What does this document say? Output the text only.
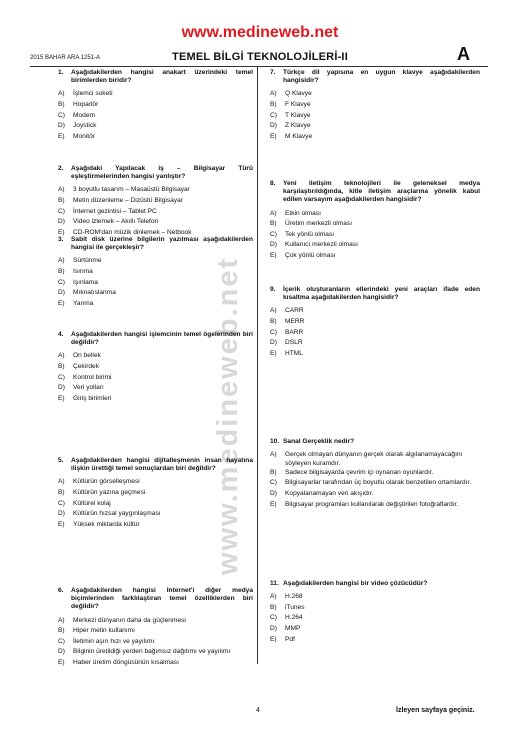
www.medineweb.net
2015 BAHAR ARA 1251-A	TEMEL BİLGİ TEKNOLOJİLERİ-II	A
www.medineweb.net
1.	Aşağıdakilerden hangisi anakart üzerindeki temel birimlerden biridir?
A)	İşlemci soketi
B)	Hoparlör
C)	Modem
D)	Joystick
E)	Monitör
2.	Aşağıdaki Yapılacak iş – Bilgisayar Türü eşleştirmelerinden hangisi yanlıştır?
A)	3 boyutlu tasarım – Masaüstü Bilgisayar
B)	Metin düzenleme – Dizüstü Bilgisayar
C)	İnternet gezintisi – Tablet PC
D)	Video izlemek – Akıllı Telefon
E)	CD-ROM'dan müzik dinlemek – Netbook
3.	Sabit disk üzerine bilgilerin yazılması aşağıdakilerden hangisi ile gerçekleşir?
A)	Sürtünme
B)	Isınma
C)	Işınlama
D)	Mıknatıslanma
E)	Yanma
4.	Aşağıdakilerden hangisi işlemcinin temel ögelerinden biri değildir?
A)	On bellek
B)	Çekirdek
C)	Kontrol birimi
D)	Veri yolları
E)	Giriş birimleri
5.	Aşağıdakilerden hangisi dijitalleşmenin insan hayatına ilişkin ürettiği temel sonuçlardan biri değildir?
A)	Kültürün görselleşmesi
B)	Kültürün yazına geçmesi
C)	Kültürel kolaj
D)	Kültürün hızsal yaygınlaşması
E)	Yüksek miktarda kültür
6.	Aşağıdakilerden hangisi Internet'i diğer medya biçimlerinden farklılaştıran temel özelliklerden biri değildir?
A)	Merkezi dünyanın daha da güçlenmesi
B)	Hiper metin kullanımı
C)	İletimin aşırı hızı ve yayılımı
D)	Bilginin üretildiği yerden bağımsız dağıtımı ve yayılımı
E)	Haber üretim döngüsünün kısalması
7.	Türkçe dil yapısına en uygun klavye aşağıdakilerden hangisidir?
A)	Q Klavye
B)	F Klavye
C)	T Klavye
D)	Z Klavye
E)	M Klavye
8.	Yeni iletişim teknolojileri ile geleneksel medya karşılaştırıldığında, kitle iletişim araçlarına yönelik kabul edilen varsayım aşağıdakilerden hangisidir?
A)	Etkin olması
B)	Üretim merkezli olması
C)	Tek yönlü olması
D)	Kullanıcı merkezli olması
E)	Çok yönlü olması
9.	İçerik oluşturanların ellerindeki yeni araçları ifade eden kısaltma aşağıdakilerden hangisidir?
A)	CARR
B)	MERR
C)	BARR
D)	DSLR
E)	HTML
10. Sanal Gerçeklik nedir?
A)	Gerçek olmayan dünyanın gerçek olarak algılanamayacağını söyleyen kuramdır.
B)	Sadece bilgisayarda çevrim içi oynanan oyunlardır.
C)	Bilgisayarlar tarafından üç boyutlu olarak benzetilen ortamlardır.
D)	Kopyalanamayan veri akışıdır.
E)	Bilgisayar programları kullanılarak değiştirilen fotoğraflardır.
11. Aşağıdakilerden hangisi bir video çözücüdür?
A)	H.268
B)	iTunes
C)	H.264
D)	MMP
E)	Pdf
4	İzleyen sayfaya geçiniz.
